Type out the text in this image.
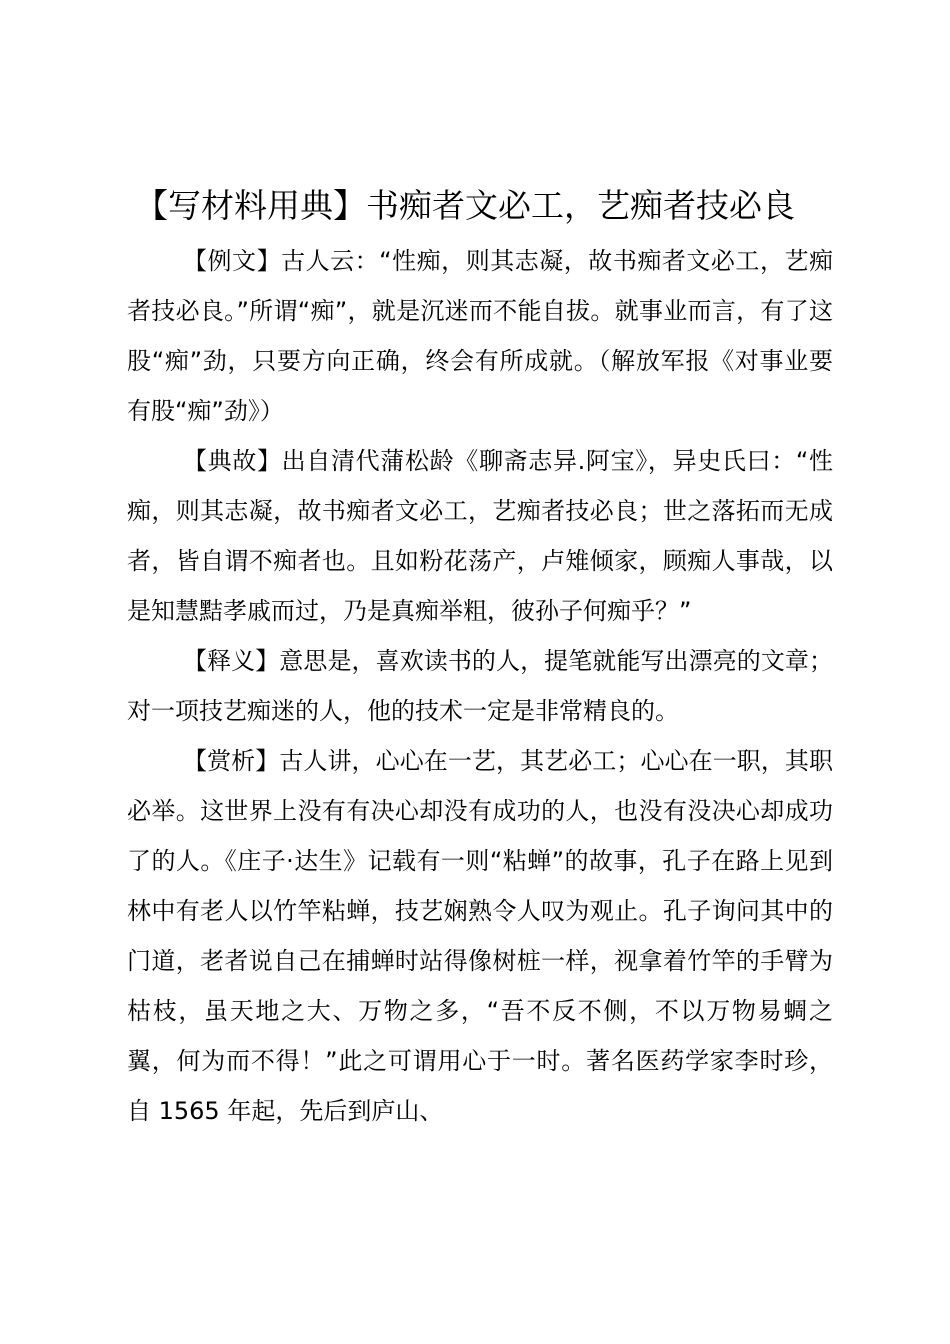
【写材料用典】书痴者文必工，艺痴者技必良

【例文】古人云：“性痴，则其志凝，故书痴者文必工，艺痴者技必良。”所谓“痴”，就是沉迷而不能自拔。就事业而言，有了这股“痴”劲，只要方向正确，终会有所成就。（解放军报《对事业要有股“痴”劲》）

【典故】出自清代蒲松龄《聊斋志异.阿宝》，异史氏曰：“性痴，则其志凝，故书痴者文必工，艺痴者技必良；世之落拓而无成者，皆自谓不痴者也。且如粉花荡产，卢雉倾家，顾痴人事哉，以是知慧黠孝戚而过，乃是真痴举粗，彼孙子何痴乎？”

【释义】意思是，喜欢读书的人，提笔就能写出漂亮的文章；对一项技艺痴迷的人，他的技术一定是非常精良的。

【赏析】古人讲，心心在一艺，其艺必工；心心在一职，其职必举。这世界上没有有决心却没有成功的人，也没有没决心却成功了的人。《庄子·达生》记载有一则“粘蝉”的故事，孔子在路上见到林中有老人以竹竿粘蝉，技艺娴熟令人叹为观止。孔子询问其中的门道，老者说自己在捕蝉时站得像树桩一样，视拿着竹竿的手臂为枯枝，虽天地之大、万物之多，“吾不反不侧，不以万物易蜩之翼，何为而不得！”此之可谓用心于一时。著名医药学家李时珍，自 1565 年起，先后到庐山、
